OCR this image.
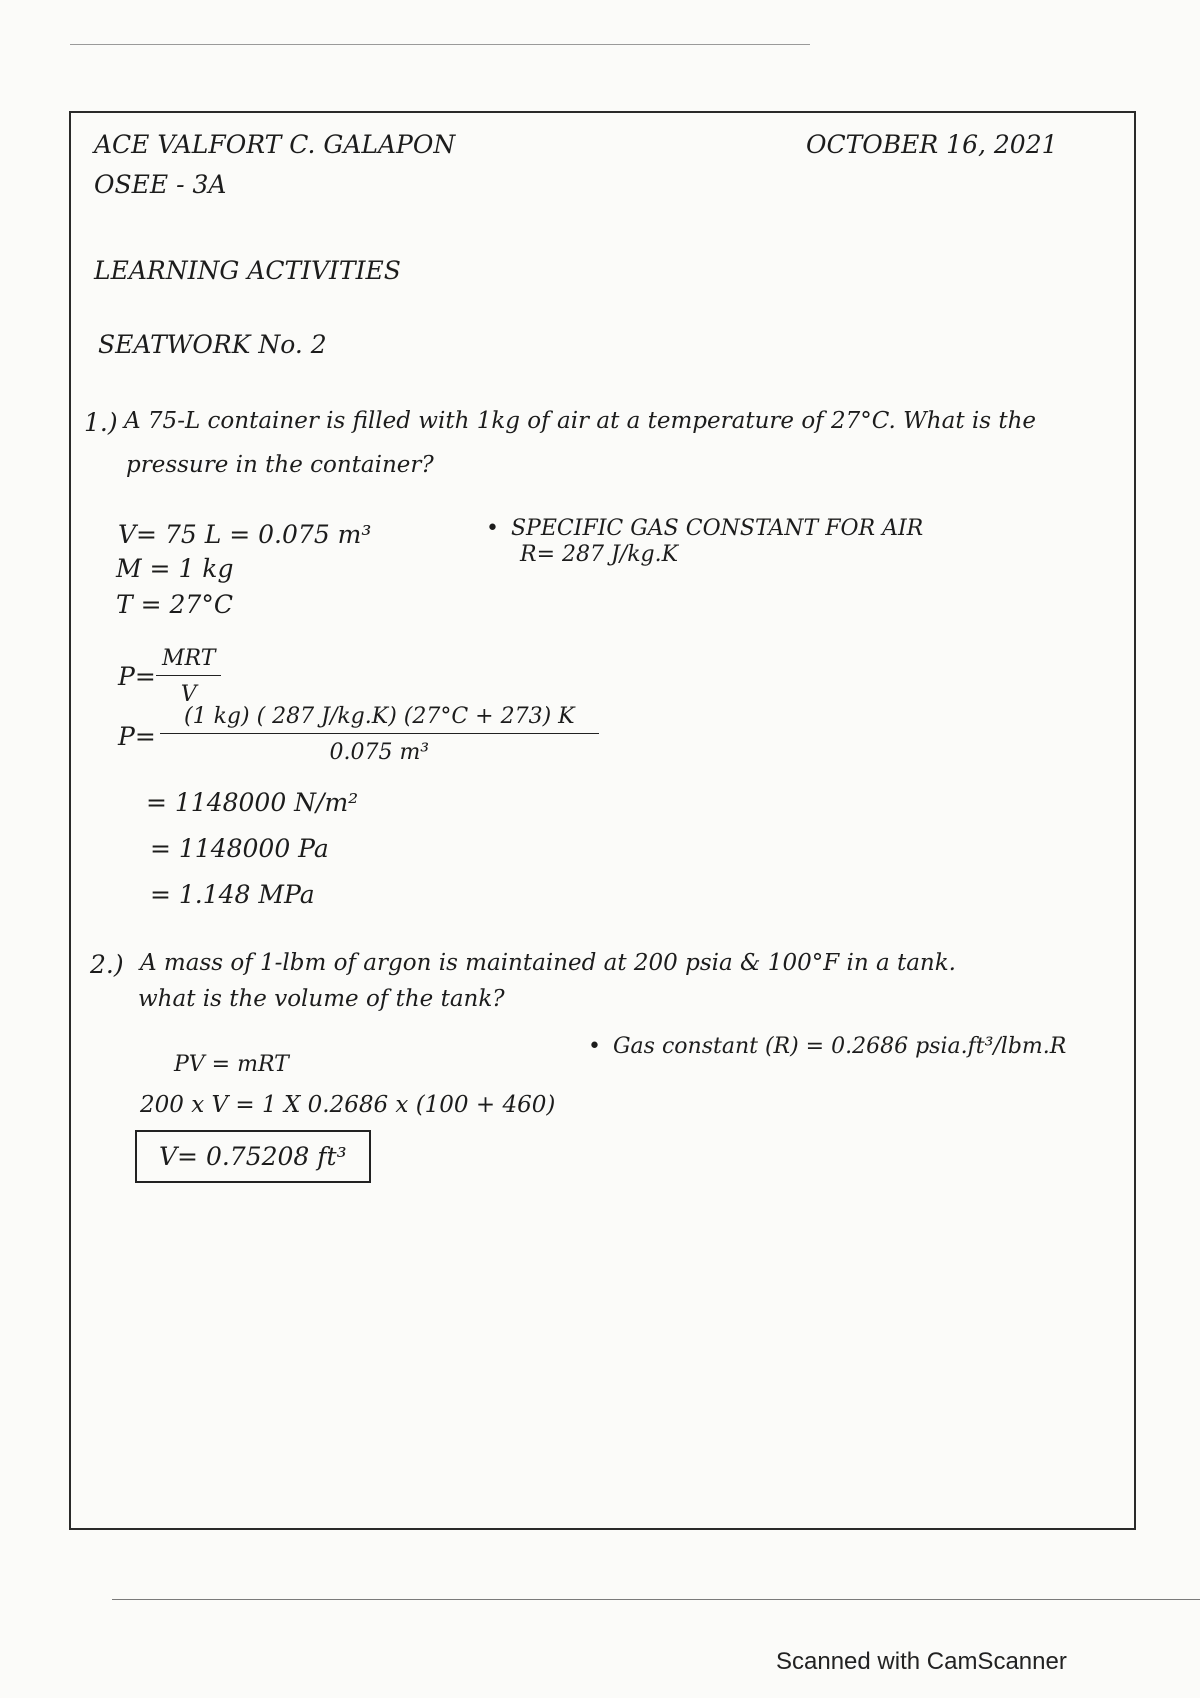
ACE VALFORT C. GALAPON
OSEE - 3A
OCTOBER 16, 2021
LEARNING ACTIVITIES
SEATWORK No. 2
1.) A 75-L container is filled with 1kg of air at a temperature of 27°C. What is the
pressure in the container?
V= 75 L = 0.075 m³
M = 1 kg
T = 27°C
• SPECIFIC GAS CONSTANT FOR AIR
R= 287 J/kg.K
P=
MRT
V
$P= \frac{(1 kg) ( 287 J/kg.K) (27^\circ C + 273) K}{\text{0.075 m³}}$
= 1148000 N/m²
= 1148000 Pa
= 1.148 MPa
2.) A mass of 1-lbm of argon is maintained at 200 psia & 100°F in a tank.
what is the volume of the tank?
• Gas constant (R) = 0.2686 psia.ft³/lbm.R
PV = mRT
200 x V = 1 X 0.2686 x (100 + 460)
V= 0.75208 ft³
Scanned with CamScanner
